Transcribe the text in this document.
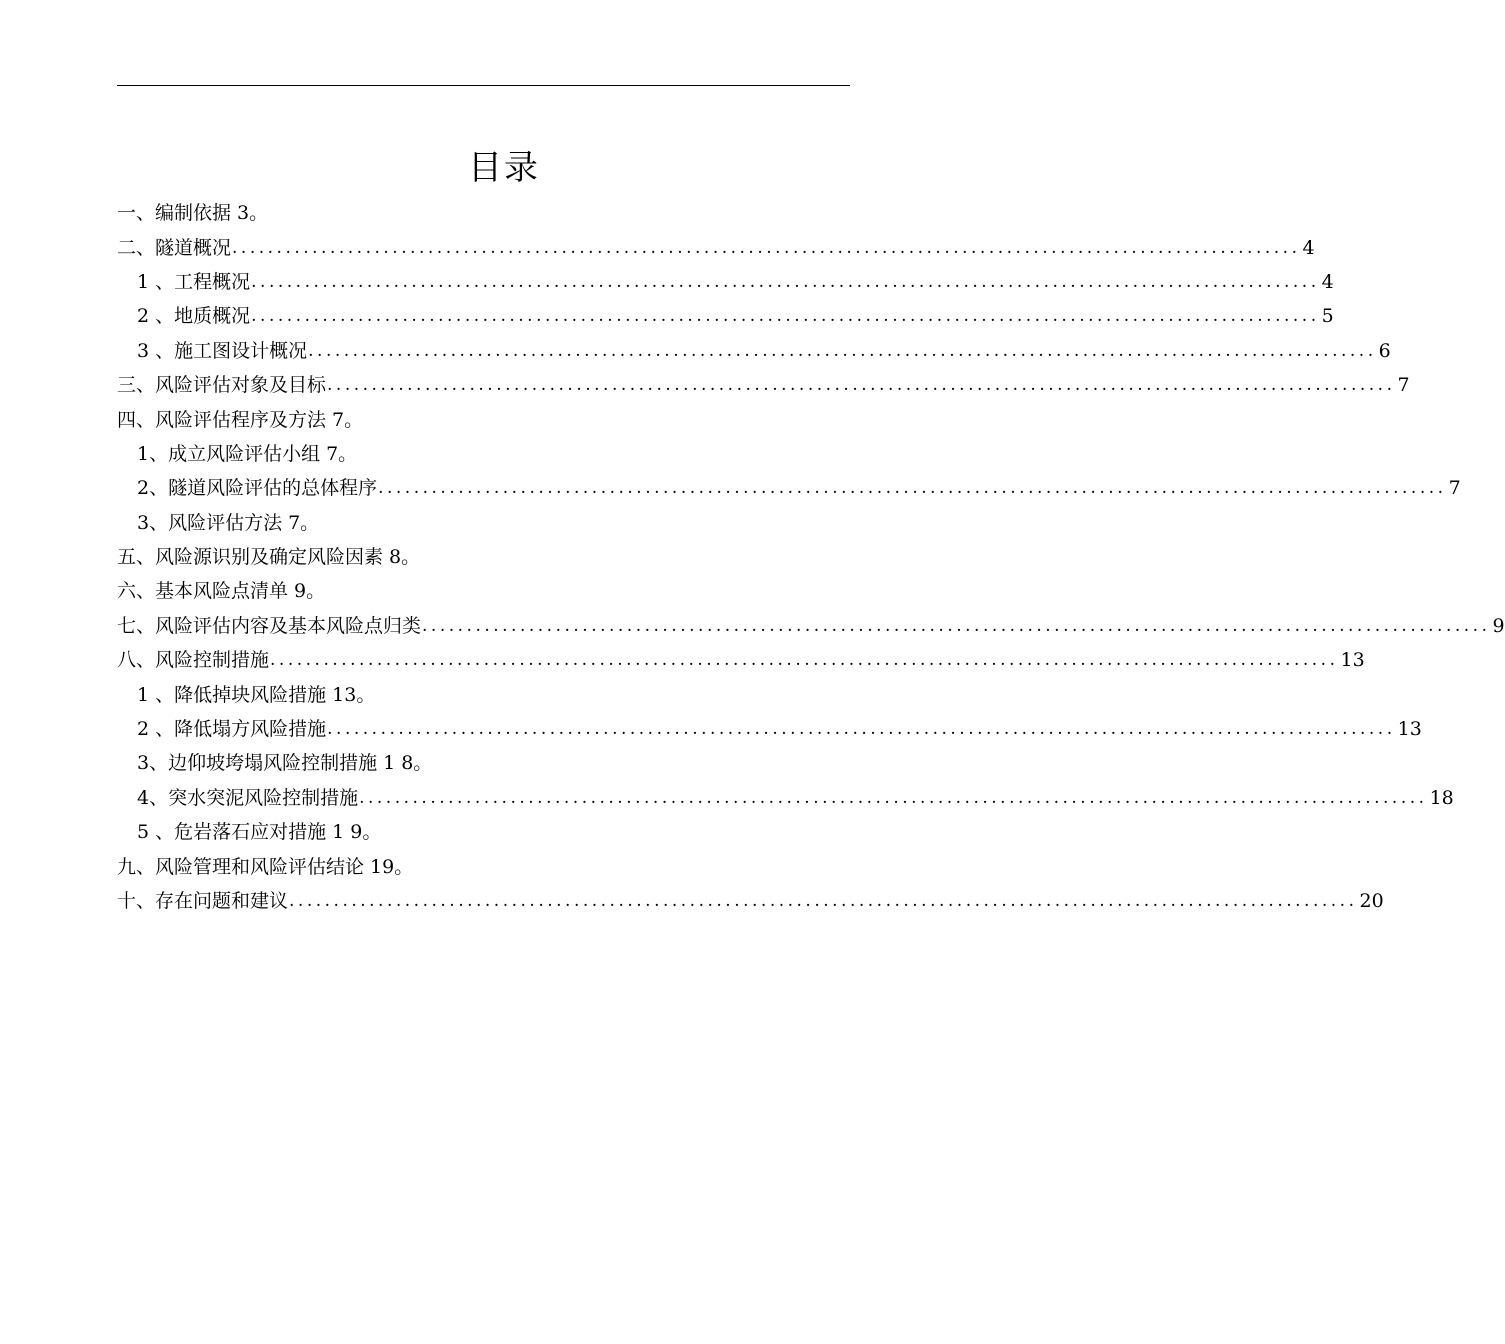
目录
一、编制依据 3。
二、隧道概况 ........................................................................................................................ 4
1 、工程概况 ........................................................................................................................ 4
2 、地质概况 ........................................................................................................................ 5
3 、施工图设计概况 ........................................................................................................................ 6
三、风险评估对象及目标 ........................................................................................................................ 7
四、风险评估程序及方法 7。
1、成立风险评估小组 7。
2、隧道风险评估的总体程序 ........................................................................................................................ 7
3、风险评估方法 7。
五、风险源识别及确定风险因素 8。
六、基本风险点清单 9。
七、风险评估内容及基本风险点归类 ........................................................................................................................ 9
八、风险控制措施 ........................................................................................................................ 13
1 、降低掉块风险措施 13。
2 、降低塌方风险措施 ........................................................................................................................ 13
3、边仰坡垮塌风险控制措施 1 8。
4、突水突泥风险控制措施 ........................................................................................................................ 18
5 、危岩落石应对措施 1 9。
九、风险管理和风险评估结论 19。
十、存在问题和建议 ........................................................................................................................ 20
